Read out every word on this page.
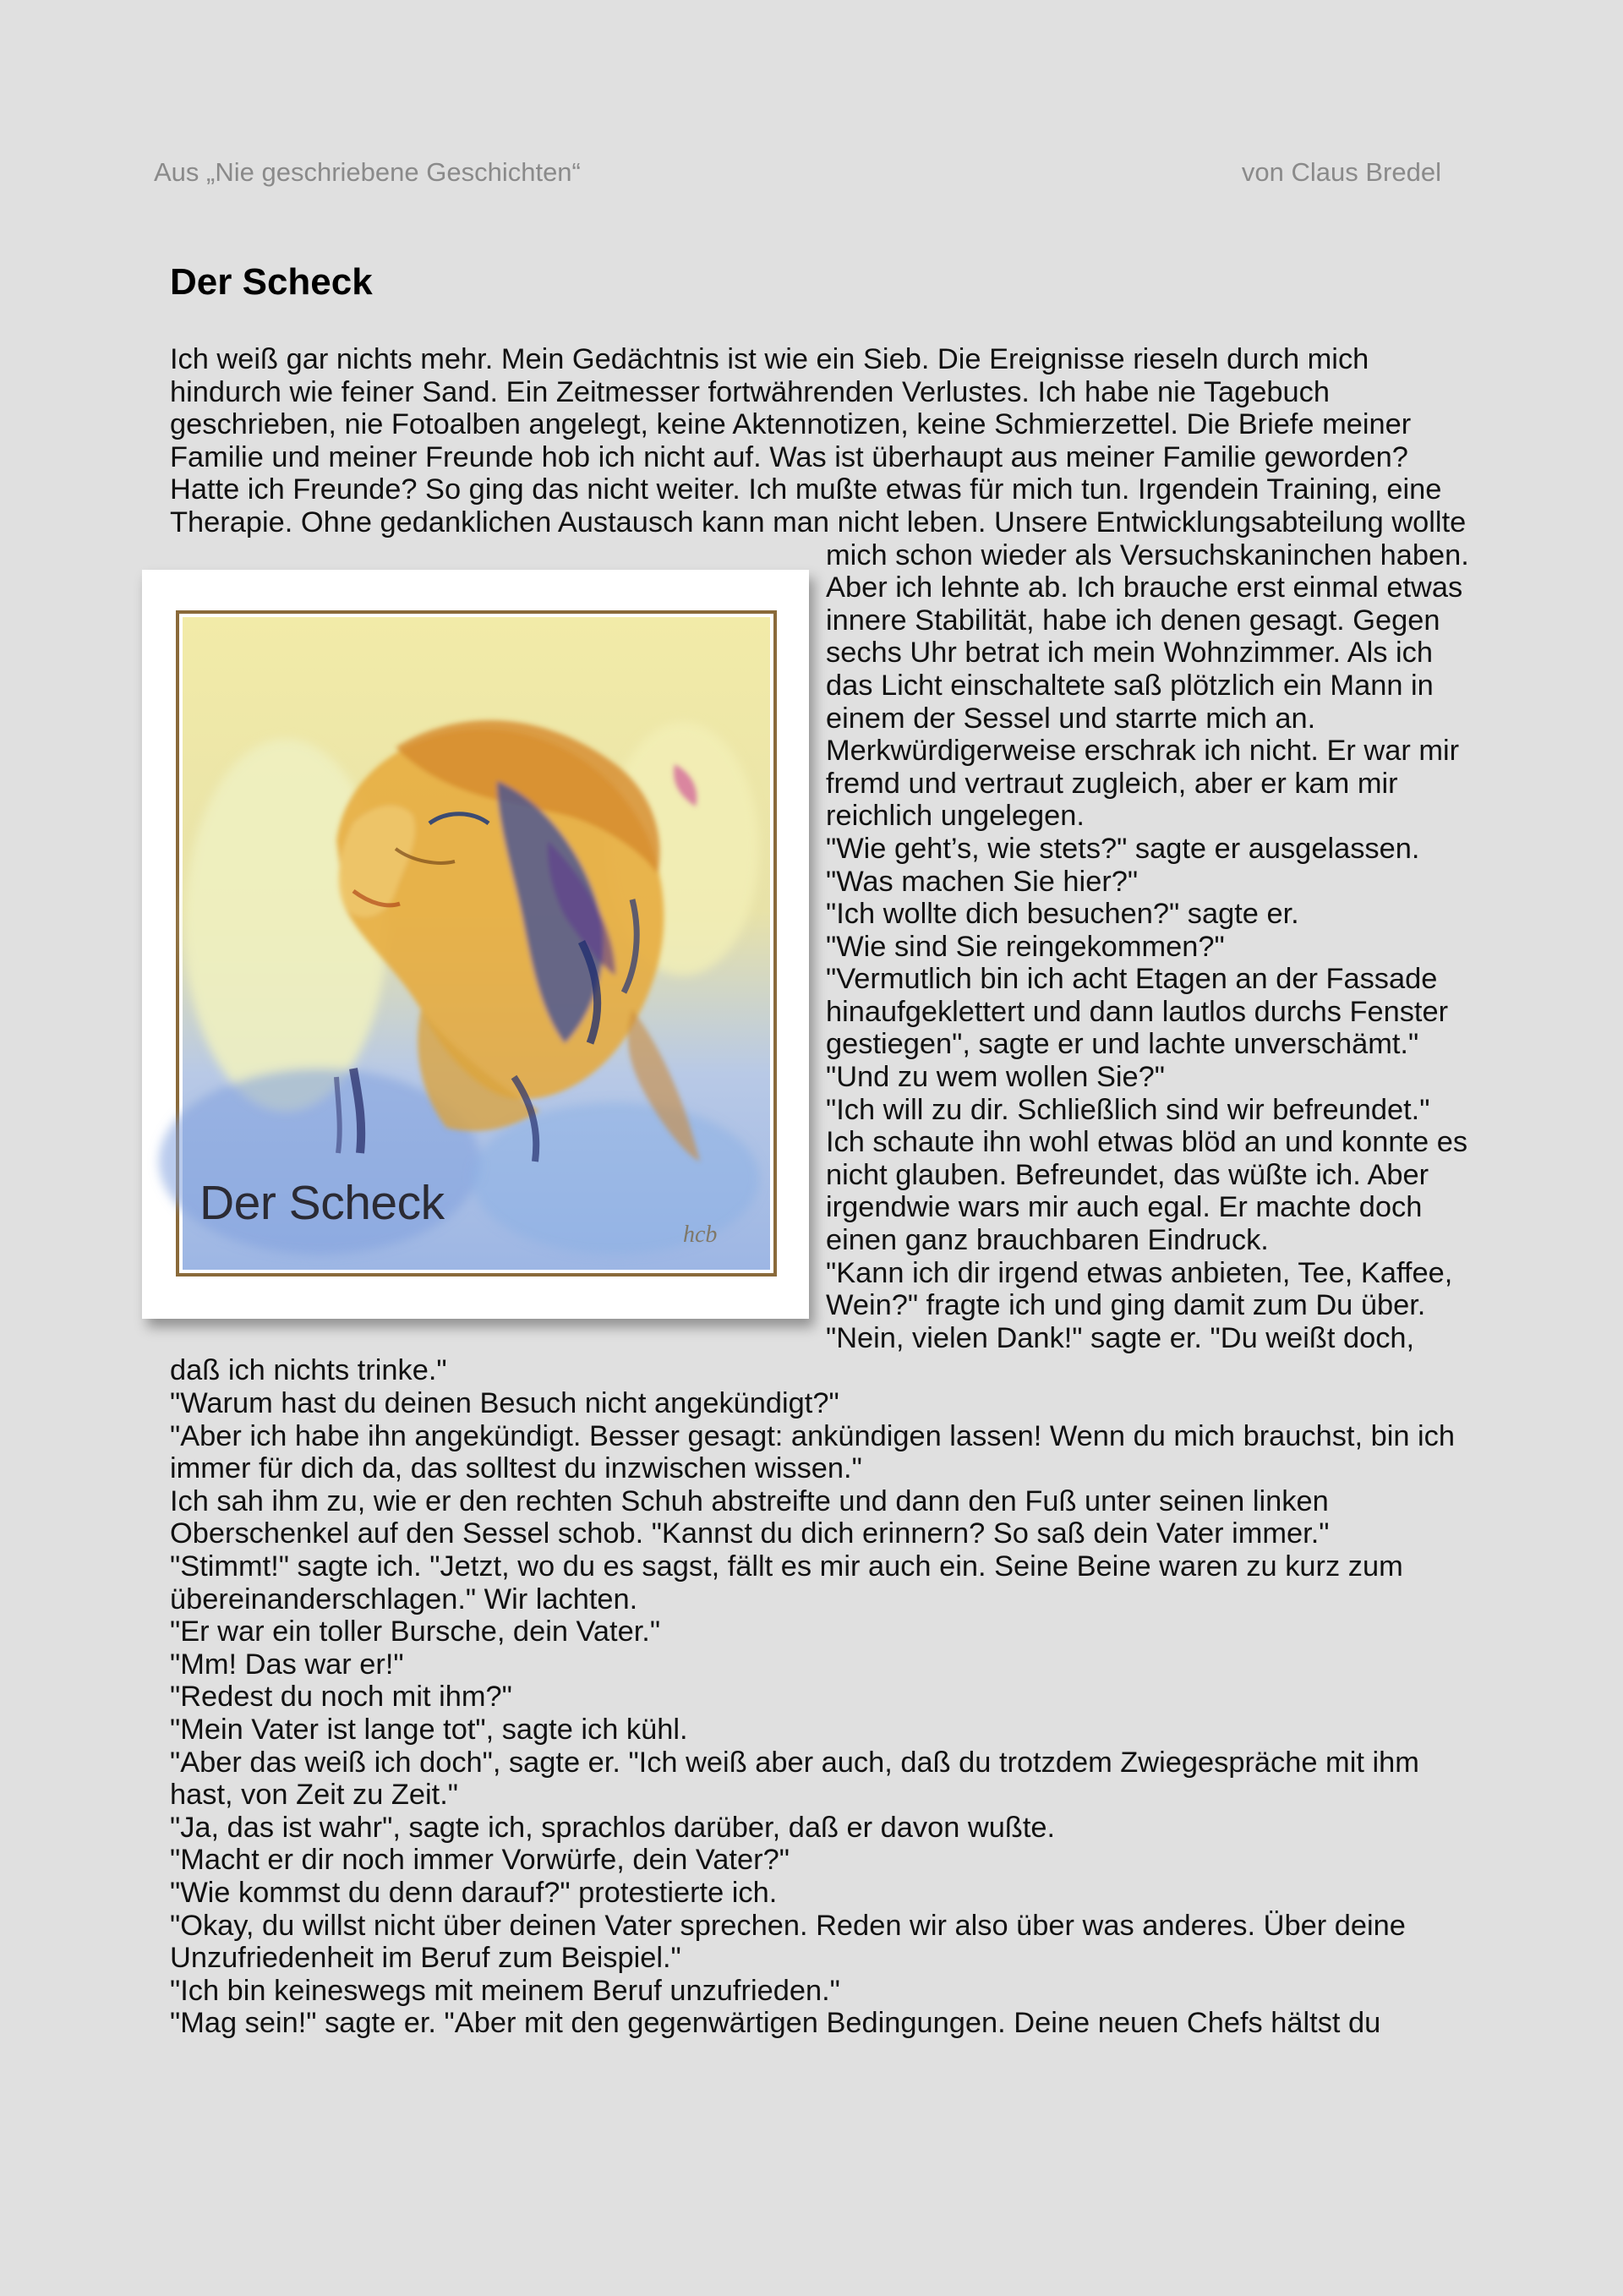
Aus „Nie geschriebene Geschichten“	von Claus Bredel
Der Scheck

Ich weiß gar nichts mehr. Mein Gedächtnis ist wie ein Sieb. Die Ereignisse rieseln durch mich hindurch wie feiner Sand. Ein Zeitmesser fortwährenden Verlustes. Ich habe nie Tagebuch geschrieben, nie Fotoalben angelegt, keine Aktennotizen, keine Schmierzettel. Die Briefe meiner Familie und meiner Freunde hob ich nicht auf. Was ist überhaupt aus meiner Familie geworden? Hatte ich Freunde? So ging das nicht weiter. Ich mußte etwas für mich tun. Irgendein Training, eine Therapie. Ohne gedanklichen Austausch kann man nicht leben. Unsere
hcb
Der Scheck
Entwicklungsabteilung wollte mich schon wieder als Versuchskaninchen haben. Aber ich lehnte ab. Ich brauche erst einmal etwas innere Stabilität, habe ich denen gesagt. Gegen sechs Uhr betrat ich mein Wohnzimmer. Als ich das Licht einschaltete saß plötzlich ein Mann in einem der Sessel und starrte mich an. Merkwürdigerweise erschrak ich nicht. Er war mir fremd und vertraut zugleich, aber er kam mir reichlich ungelegen.

"Wie geht’s, wie stets?" sagte er ausgelassen.

"Was machen Sie hier?"

"Ich wollte dich besuchen?" sagte er.

"Wie sind Sie reingekommen?"

"Vermutlich bin ich acht Etagen an der Fassade hinaufgeklettert und dann lautlos durchs Fenster gestiegen", sagte er und lachte unverschämt."

"Und zu wem wollen Sie?"

"Ich will zu dir. Schließlich sind wir befreundet."

Ich schaute ihn wohl etwas blöd an und konnte es nicht glauben. Befreundet, das wüßte ich. Aber irgendwie wars mir auch egal. Er machte doch einen ganz brauchbaren Eindruck.

"Kann ich dir irgend etwas anbieten, Tee, Kaffee, Wein?" fragte ich und ging damit zum Du über.

"Nein, vielen Dank!" sagte er. "Du weißt doch, daß ich nichts trinke."

"Warum hast du deinen Besuch nicht angekündigt?"

"Aber ich habe ihn angekündigt. Besser gesagt: ankündigen lassen! Wenn du mich brauchst, bin ich immer für dich da, das solltest du inzwischen wissen."

Ich sah ihm zu, wie er den rechten Schuh abstreifte und dann den Fuß unter seinen linken Oberschenkel auf den Sessel schob. "Kannst du dich erinnern? So saß dein Vater immer."

"Stimmt!" sagte ich. "Jetzt, wo du es sagst, fällt es mir auch ein. Seine Beine waren zu kurz zum übereinanderschlagen." Wir lachten.

"Er war ein toller Bursche, dein Vater."

"Mm! Das war er!"

"Redest du noch mit ihm?"

"Mein Vater ist lange tot", sagte ich kühl.

"Aber das weiß ich doch", sagte er. "Ich weiß aber auch, daß du trotzdem Zwiegespräche mit ihm hast, von Zeit zu Zeit."

"Ja, das ist wahr", sagte ich, sprachlos darüber, daß er davon wußte.

"Macht er dir noch immer Vorwürfe, dein Vater?"

"Wie kommst du denn darauf?" protestierte ich.

"Okay, du willst nicht über deinen Vater sprechen. Reden wir also über was anderes. Über deine Unzufriedenheit im Beruf zum Beispiel."

"Ich bin keineswegs mit meinem Beruf unzufrieden."

"Mag sein!" sagte er. "Aber mit den gegenwärtigen Bedingungen. Deine neuen Chefs hältst du
